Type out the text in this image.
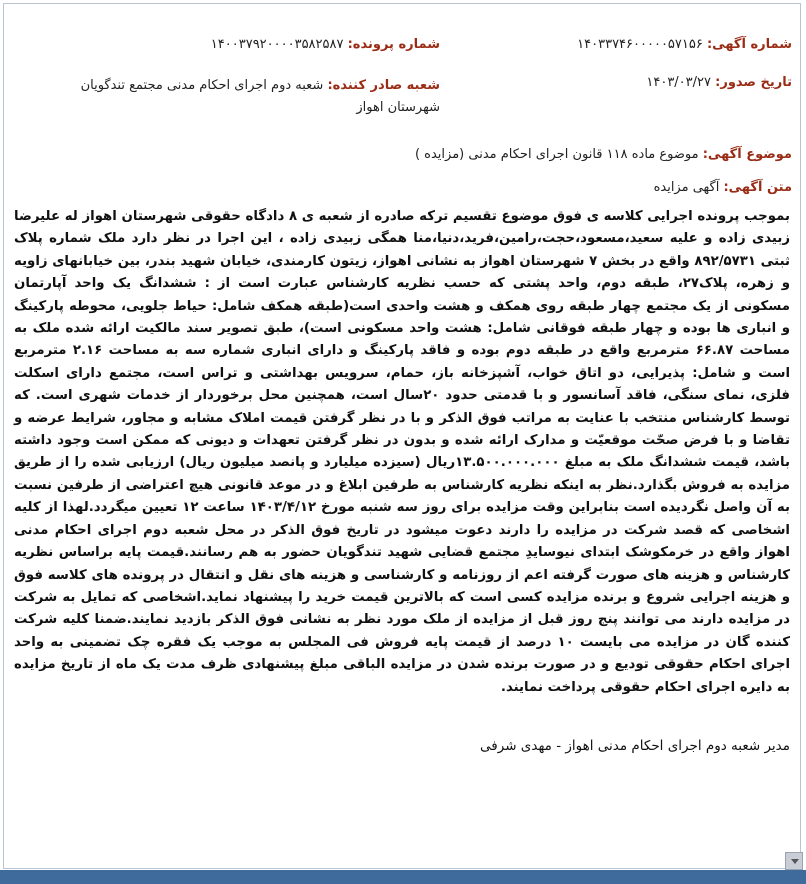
شماره آگهی: ۱۴۰۳۳۷۴۶۰۰۰۰۰۵۷۱۵۶
شماره پرونده: ۱۴۰۰۳۷۹۲۰۰۰۰۳۵۸۲۵۸۷
تاریخ صدور: ۱۴۰۳/۰۳/۲۷
شعبه صادر کننده: شعبه دوم اجرای احکام مدنی مجتمع تندگویان شهرستان اهواز
موضوع آگهی: موضوع ماده ۱۱۸ قانون اجرای احکام مدنی (مزایده )
متن آگهی: آگهی مزایده

بموجب پرونده اجرایی کلاسه ی فوق موضوع تقسیم ترکه صادره از شعبه ی ۸ دادگاه حقوقی شهرستان اهواز له علیرضا زبیدی زاده و علیه سعید،مسعود،حجت،رامین،فرید،دنیا،منا همگی زبیدی زاده ، این اجرا در نظر دارد ملک شماره پلاک ثبتی ۸۹۲/۵۷۳۱ واقع در بخش ۷ شهرستان اهواز به نشانی اهواز، زیتون کارمندی، خیابان شهید بندر، بین خیابانهای زاویه و زهره، پلاک۲۷، طبقه دوم، واحد پشتی که حسب نظریه کارشناس عبارت است از : ششدانگ یک واحد آپارتمان مسکونی از یک مجتمع چهار طبقه روی همکف و هشت واحدی است(طبقه همکف شامل: حیاط جلویی، محوطه پارکینگ و انباری ها بوده و چهار طبقه فوقانی شامل: هشت واحد مسکونی است)، طبق تصویر سند مالکیت ارائه شده ملک به مساحت ۶۶.۸۷ مترمربع واقع در طبقه دوم بوده و فاقد پارکینگ و دارای انباری شماره سه به مساحت ۲.۱۶ مترمربع است و شامل: پذیرایی، دو اتاق خواب، آشپزخانه باز، حمام، سرویس بهداشتی و تراس است، مجتمع دارای اسکلت فلزی، نمای سنگی، فاقد آسانسور و با قدمتی حدود ۲۰سال است، همچنین محل برخوردار از خدمات شهری است. که توسط کارشناس منتخب با عنایت به مراتب فوق الذکر و با در نظر گرفتن قیمت املاک مشابه و مجاور، شرایط عرضه و تقاضا و با فرض صحّت موقعیّت و مدارک ارائه شده و بدون در نظر گرفتن تعهدات و دیونی که ممکن است وجود داشته باشد، قیمت ششدانگ ملک به مبلغ ۱۳.۵۰۰.۰۰۰.۰۰۰ریال (سیزده میلیارد و پانصد میلیون ریال) ارزیابی شده را از طریق مزایده به فروش بگذارد.نظر به اینکه نظریه کارشناس به طرفین ابلاغ و در موعد قانونی هیچ اعتراضی از طرفین نسبت به آن واصل نگردیده است بنابراین وقت مزایده برای روز سه شنبه مورخ ۱۴۰۳/۴/۱۲ ساعت ۱۲ تعیین میگردد.لهذا از کلیه اشخاصی که قصد شرکت در مزایده را دارند دعوت میشود در تاریخ فوق الذکر در محل شعبه دوم اجرای احکام مدنی اهواز واقع در خرمکوشک ابتدای نیوسایدِ مجتمع قضایی شهید تندگویان حضور به هم رسانند.قیمت پایه براساس نظریه کارشناس و هزینه های صورت گرفته اعم از روزنامه و کارشناسی و هزینه های نقل و انتقال در پرونده های کلاسه فوق و هزینه اجرایی شروع و برنده مزایده کسی است که بالاترین قیمت خرید را پیشنهاد نماید.اشخاصی که تمایل به شرکت در مزایده دارند می توانند پنج روز قبل از مزایده از ملک مورد نظر به نشانی فوق الذکر بازدید نمایند.ضمنا کلیه شرکت کننده گان در مزایده می بایست ۱۰ درصد از قیمت پایه فروش فی المجلس به موجب یک فقره چک تضمینی به واحد اجرای احکام حقوقی تودیع و در صورت برنده شدن در مزایده الباقی مبلغ پیشنهادی ظرف مدت یک ماه از تاریخ مزایده به دایره اجرای احکام حقوقی پرداخت نمایند.

مدیر شعبه دوم اجرای احکام مدنی اهواز - مهدی شرفی
